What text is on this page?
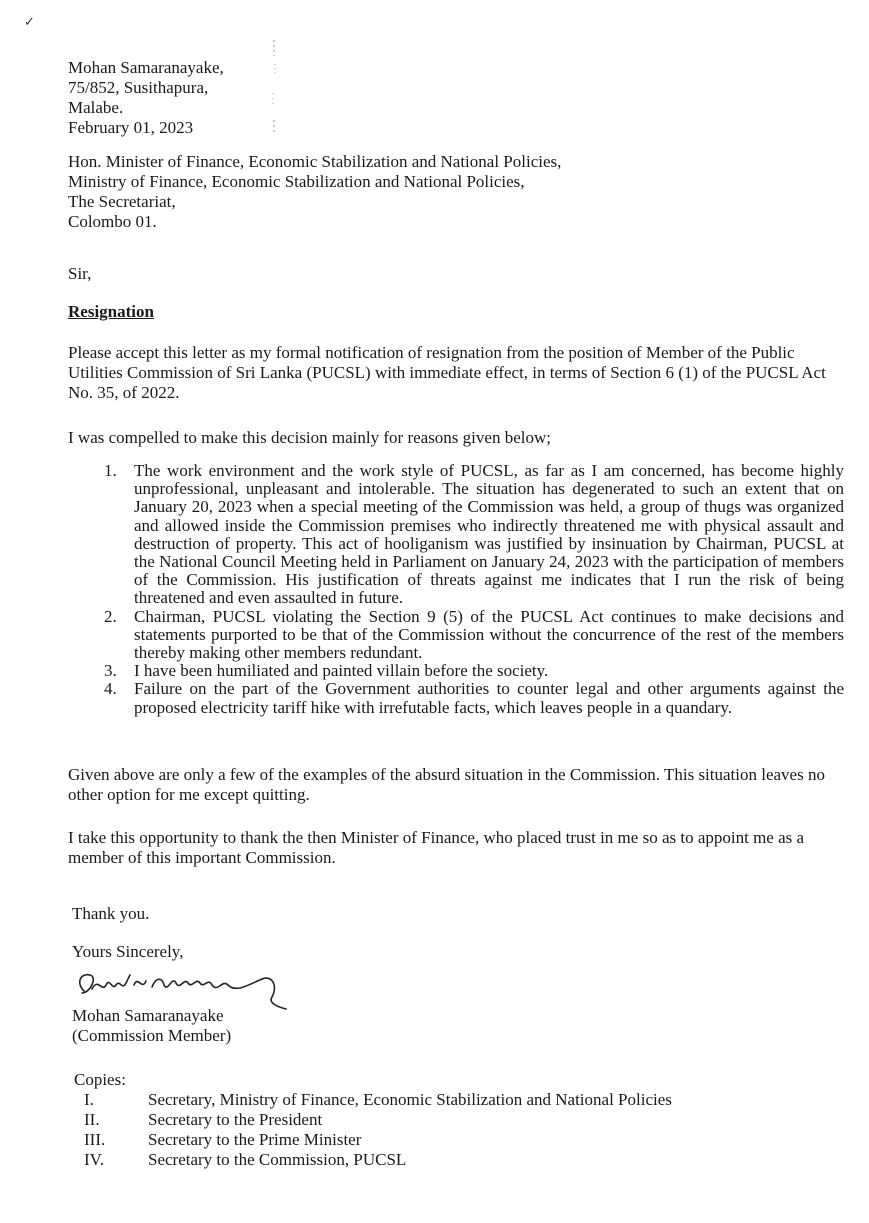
✓
Mohan Samaranayake,
75/852, Susithapura,
Malabe.
February 01, 2023
Hon. Minister of Finance, Economic Stabilization and National Policies,
Ministry of Finance, Economic Stabilization and National Policies,
The Secretariat,
Colombo 01.
Sir,
Resignation
Please accept this letter as my formal notification of resignation from the position of Member of the Public Utilities Commission of Sri Lanka (PUCSL) with immediate effect, in terms of Section 6 (1) of the PUCSL Act No. 35, of 2022.
I was compelled to make this decision mainly for reasons given below;
1.	The work environment and the work style of PUCSL, as far as I am concerned, has become highly unprofessional, unpleasant and intolerable. The situation has degenerated to such an extent that on January 20, 2023 when a special meeting of the Commission was held, a group of thugs was organized and allowed inside the Commission premises who indirectly threatened me with physical assault and destruction of property. This act of hooliganism was justified by insinuation by Chairman, PUCSL at the National Council Meeting held in Parliament on January 24, 2023 with the participation of members of the Commission. His justification of threats against me indicates that I run the risk of being threatened and even assaulted in future.
2.	Chairman, PUCSL violating the Section 9 (5) of the PUCSL Act continues to make decisions and statements purported to be that of the Commission without the concurrence of the rest of the members thereby making other members redundant.
3.	I have been humiliated and painted villain before the society.
4.	Failure on the part of the Government authorities to counter legal and other arguments against the proposed electricity tariff hike with irrefutable facts, which leaves people in a quandary.
Given above are only a few of the examples of the absurd situation in the Commission. This situation leaves no other option for me except quitting.
I take this opportunity to thank the then Minister of Finance, who placed trust in me so as to appoint me as a member of this important Commission.
Thank you.
Yours Sincerely,
Mohan Samaranayake
(Commission Member)
Copies:
I.	Secretary, Ministry of Finance, Economic Stabilization and National Policies
II.	Secretary to the President
III.	Secretary to the Prime Minister
IV.	Secretary to the Commission, PUCSL
